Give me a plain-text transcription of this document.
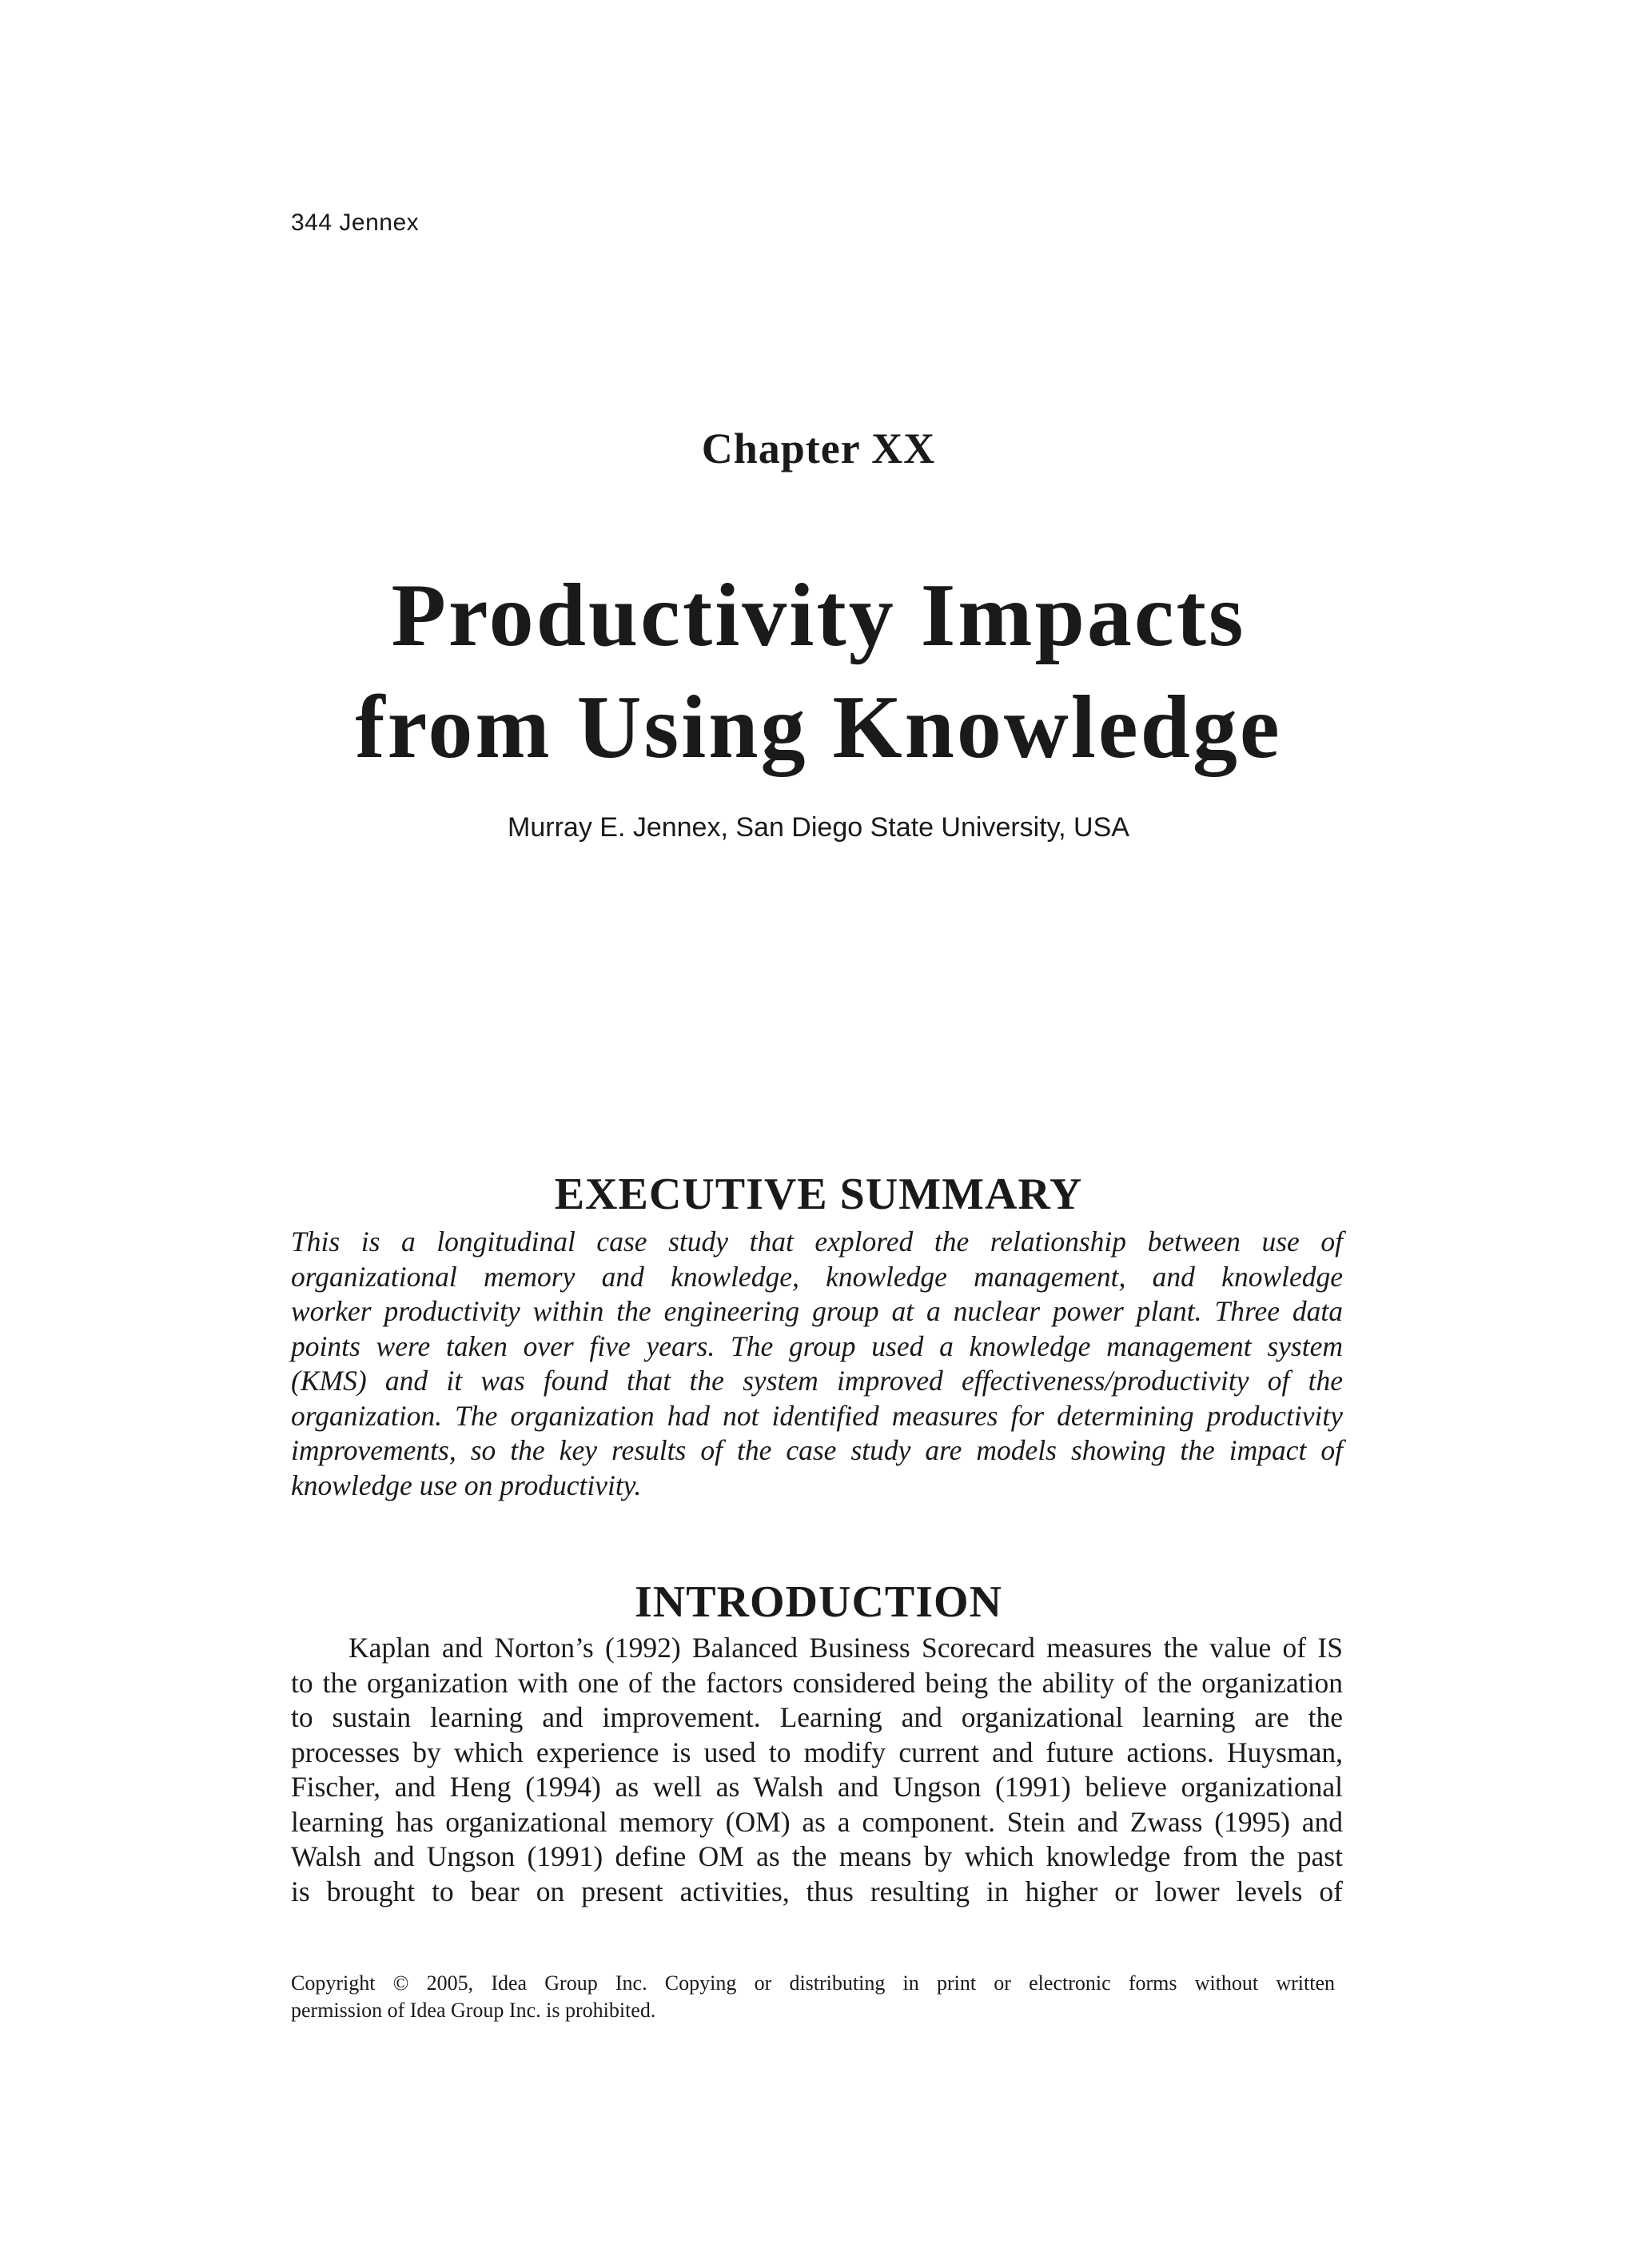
344 Jennex
Chapter XX
Productivity Impacts
from Using Knowledge
Murray E. Jennex, San Diego State University, USA
EXECUTIVE SUMMARY
This is a longitudinal case study that explored the relationship between use of
organizational memory and knowledge, knowledge management, and knowledge
worker productivity within the engineering group at a nuclear power plant. Three data
points were taken over five years. The group used a knowledge management system
(KMS) and it was found that the system improved effectiveness/productivity of the
organization. The organization had not identified measures for determining productivity
improvements, so the key results of the case study are models showing the impact of
knowledge use on productivity.
INTRODUCTION
Kaplan and Norton’s (1992) Balanced Business Scorecard measures the value of IS
to the organization with one of the factors considered being the ability of the organization
to sustain learning and improvement. Learning and organizational learning are the
processes by which experience is used to modify current and future actions. Huysman,
Fischer, and Heng (1994) as well as Walsh and Ungson (1991) believe organizational
learning has organizational memory (OM) as a component. Stein and Zwass (1995) and
Walsh and Ungson (1991) define OM as the means by which knowledge from the past
is brought to bear on present activities, thus resulting in higher or lower levels of
Copyright © 2005, Idea Group Inc. Copying or distributing in print or electronic forms without written
permission of Idea Group Inc. is prohibited.
